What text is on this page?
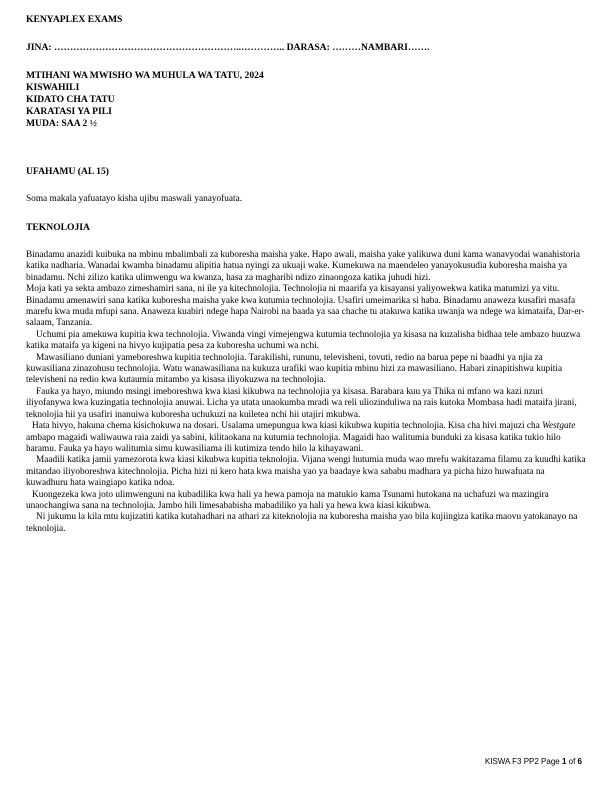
KENYAPLEX EXAMS
JINA: …………………………………………………..………….. DARASA: ………NAMBARI…….
MTIHANI WA MWISHO WA MUHULA WA TATU, 2024
KISWAHILI
KIDATO CHA TATU
KARATASI YA PILI
MUDA: SAA 2 ½
UFAHAMU (AL 15)
Soma makala yafuatayo kisha ujibu maswali yanayofuata.
TEKNOLOJIA

Binadamu anazidi kuibuka na mbinu mbalimbali za kuboresha maisha yake. Hapo awali, maisha yake yalikuwa duni kama wanavyodai wanahistoria katika nadharia. Wanadai kwamba binadamu alipitia hatua nyingi za ukuaji wake. Kumekuwa na maendeleo yanayokusudia kuboresha maisha ya binadamu. Nchi zilizo katika ulimwengu wa kwanza, hasa za magharibi ndizo zinaongoza katika juhudi hizi.

Moja kati ya sekta ambazo zimeshamiri sana, ni ile ya kitechnolojia. Technolojia ni maarifa ya kisayansi yaliyowekwa katika matumizi ya vitu. Binadamu amenawiri sana katika kuboresha maisha yake kwa kutumia technolojia. Usafiri umeimarika si haba. Binadamu anaweza kusafiri masafa marefu kwa muda mfupi sana. Anaweza kuabiri ndege hapa Nairobi na baada ya saa chache tu atakuwa katika uwanja wa ndege wa kimataifa, Dar-er-salaam, Tanzania.

Uchumi pia amekuwa kupitia kwa technolojia. Viwanda vingi vimejengwa kutumia technolojia ya kisasa na kuzalisha bidhaa tele ambazo huuzwa katika mataifa ya kigeni na hivyo kujipatia pesa za kuboresha uchumi wa nchi.

Mawasiliano duniani yameboreshwa kupitia technolojia. Tarakilishi, rununu, televisheni, tovuti, redio na barua pepe ni baadhi ya njia za kuwasiliana zinazohusu technolojia. Watu wanawasiliana na kukuza urafiki wao kupitia mbinu hizi za mawasiliano. Habari zinapitishwa kupitia televisheni na redio kwa kutaumia mitambo ya kisasa iliyokuzwa na technolojia.

Fauka ya hayo, miundo msingi imeboreshwa kwa kiasi kikubwa na technolojia ya kisasa. Barabara kuu ya Thika ni mfano wa kazi nzuri iliyofanywa kwa kuzingatia technolojia anuwai. Licha ya utata unaokumba mradi wa reli uliozinduliwa na rais kutoka Mombasa hadi mataifa jirani, teknolojia hii ya usafiri inanuiwa kuboresha uchukuzi na kuiletea nchi hii utajiri mkubwa.

Hata hivyo, hakuna chema kisichokuwa na dosari. Usalama umepungua kwa kiasi kikubwa kupitia technolojia. Kisa cha hivi majuzi cha Westgate ambapo magaidi waliwauwa raia zaidi ya sabini, kilitaokana na kutumia technolojia. Magaidi hao walitumia bunduki za kisasa katika tukio hilo haramu. Fauka ya hayo walitumia simu kuwasiliama ili kutimiza tendo hilo la kihayawani.

Maadili katika jamii yamezorota kwa kiasi kikubwa kupitia teknolojia. Vijana wengi hutumia muda wao mrefu wakitazama filamu za kuudhi katika mitandao iliyoboreshwa kitechnolojia. Picha hizi ni kero hata kwa maisha yao ya baadaye kwa sababu madhara ya picha hizo huwafuata na kuwadhuru hata waingiapo katika ndoa.

Kuongezeka kwa joto ulimwenguni na kubadilika kwa hali ya hewa pamoja na matukio kama Tsunami hutokana na uchafuzi wa mazingira unaochangiwa sana na technolojia. Jambo hili limesababisha mabadiliko ya hali ya hewa kwa kiasi kikubwa.

Ni jukumu la kila mtu kujizatiti katika kutahadhari na athari za kiteknolojia na kuboresha maisha yao bila kujiingiza katika maovu yatokanayo na teknolojia.

KISWA F3 PP2 Page 1 of 6
